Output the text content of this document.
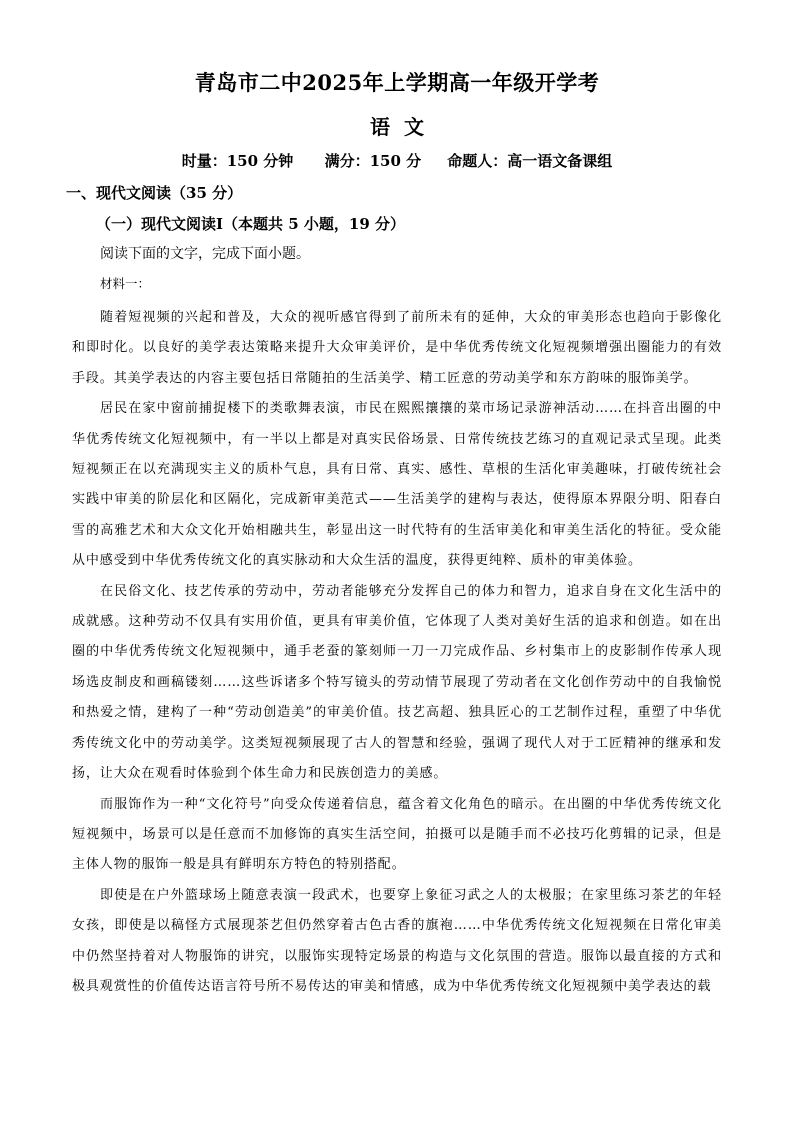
青岛市二中2025年上学期高一年级开学考
语文
时量：150 分钟      满分：150 分     命题人：高一语文备课组
一、现代文阅读（35 分）
（一）现代文阅读Ⅰ（本题共 5 小题，19 分）
阅读下面的文字，完成下面小题。
材料一：

随着短视频的兴起和普及，大众的视听感官得到了前所未有的延伸，大众的审美形态也趋向于影像化和即时化。以良好的美学表达策略来提升大众审美评价，是中华优秀传统文化短视频增强出圈能力的有效手段。其美学表达的内容主要包括日常随拍的生活美学、精工匠意的劳动美学和东方韵味的服饰美学。

居民在家中窗前捕捉楼下的类歌舞表演，市民在熙熙攘攘的菜市场记录游神活动……在抖音出圈的中华优秀传统文化短视频中，有一半以上都是对真实民俗场景、日常传统技艺练习的直观记录式呈现。此类短视频正在以充满现实主义的质朴气息，具有日常、真实、感性、草根的生活化审美趣味，打破传统社会实践中审美的阶层化和区隔化，完成新审美范式——生活美学的建构与表达，使得原本界限分明、阳春白雪的高雅艺术和大众文化开始相融共生，彰显出这一时代特有的生活审美化和审美生活化的特征。受众能从中感受到中华优秀传统文化的真实脉动和大众生活的温度，获得更纯粹、质朴的审美体验。

在民俗文化、技艺传承的劳动中，劳动者能够充分发挥自己的体力和智力，追求自身在文化生活中的成就感。这种劳动不仅具有实用价值，更具有审美价值，它体现了人类对美好生活的追求和创造。如在出圈的中华优秀传统文化短视频中，通手老蚕的篆刻师一刀一刀完成作品、乡村集市上的皮影制作传承人现场选皮制皮和画稿镂刻……这些诉诸多个特写镜头的劳动情节展现了劳动者在文化创作劳动中的自我愉悦和热爱之情，建构了一种“劳动创造美”的审美价值。技艺高超、独具匠心的工艺制作过程，重塑了中华优秀传统文化中的劳动美学。这类短视频展现了古人的智慧和经验，强调了现代人对于工匠精神的继承和发扬，让大众在观看时体验到个体生命力和民族创造力的美感。

而服饰作为一种“文化符号”向受众传递着信息，蕴含着文化角色的暗示。在出圈的中华优秀传统文化短视频中，场景可以是任意而不加修饰的真实生活空间，拍摄可以是随手而不必技巧化剪辑的记录，但是主体人物的服饰一般是具有鲜明东方特色的特别搭配。

即使是在户外篮球场上随意表演一段武术，也要穿上象征习武之人的太极服；在家里练习茶艺的年轻女孩，即使是以稿怪方式展现茶艺但仍然穿着古色古香的旗袍……中华优秀传统文化短视频在日常化审美中仍然坚持着对人物服饰的讲究，以服饰实现特定场景的构造与文化氛围的营造。服饰以最直接的方式和极具观赏性的价值传达语言符号所不易传达的审美和情感，成为中华优秀传统文化短视频中美学表达的载
